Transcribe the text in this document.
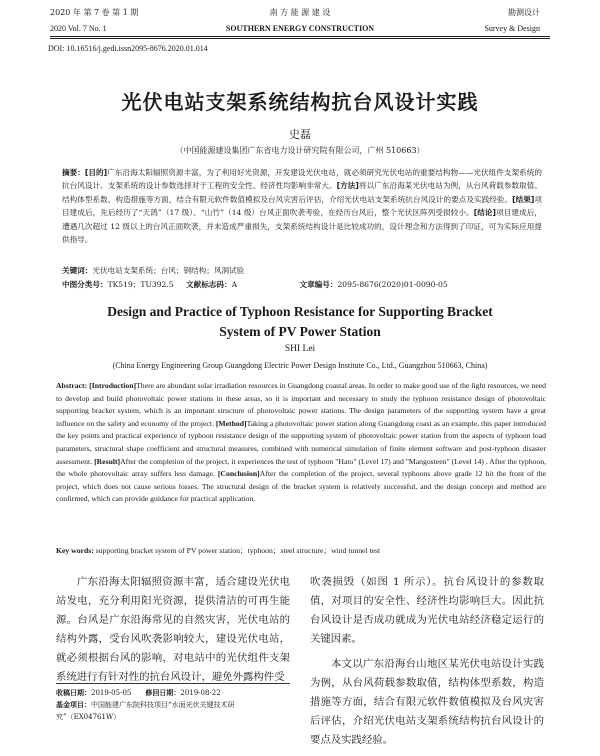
2020 年 第 7 卷 第 1 期	南 方 能 源 建 设	勘测设计
2020 Vol. 7 No. 1	SOUTHERN ENERGY CONSTRUCTION	Survey & Design
DOI: 10.16516/j.gedi.issn2095-8676.2020.01.014
光伏电站支架系统结构抗台风设计实践
史磊
（中国能源建设集团广东省电力设计研究院有限公司，广州 510663）
摘要：[目的]广东沿海太阳辐照资源丰富，为了利用好光资源，开发建设光伏电站，就必须研究光伏电站的重要结构物——光伏组件支架系统的抗台风设计。支架系统的设计参数选择对于工程的安全性、经济性均影响非常大。[方法]将以广东沿海某光伏电站为例，从台风荷载参数取值、结构体型系数、构造措施等方面，结合有限元软件数值模拟及台风灾害后评估，介绍光伏电站支架系统抗台风设计的要点及实践经验。[结果]项目建成后，先后经历了“天鸽”（17 级）、“山竹”（14 级）台风正面吹袭考验，在经历台风后，整个光伏区阵列受损较小。[结论]项目建成后，遭遇几次超过 12 级以上的台风正面吹袭，并未造成严重损失，支架系统结构设计是比较成功的，设计理念和方法得到了印证，可为实际应用提供指导。
关键词：光伏电站支架系统；台风；钢结构；风洞试验
中图分类号：TK519；TU392.5 文献标志码：A	文章编号：2095-8676(2020)01-0090-05
Design and Practice of Typhoon Resistance for Supporting Bracket
System of PV Power Station
SHI Lei
(China Energy Engineering Group Guangdong Electric Power Design Institute Co., Ltd., Guangzhou 510663, China)
Abstract: [Introduction]There are abundant solar irradiation resources in Guangdong coastal areas. In order to make good use of the light resources, we need to develop and build photovoltaic power stations in these areas, so it is important and necessary to study the typhoon resistance design of photovoltaic supporting bracket system, which is an important structure of photovoltaic power stations. The design parameters of the supporting system have a great influence on the safety and economy of the project. [Method]Taking a photovoltaic power station along Guangdong coast as an example, this paper introduced the key points and practical experience of typhoon resistance design of the supporting system of photovoltaic power station from the aspects of typhoon load parameters, structural shape coefficient and structural measures, combined with numerical simulation of finite element software and post-typhoon disaster assessment. [Result]After the completion of the project, it experiences the test of typhoon "Hato" (Level 17) and "Mangosteen" (Level 14) . After the typhoon, the whole photovoltaic array suffers less damage. [Conclusion]After the completion of the project, several typhoons above grade 12 hit the front of the project, which does not cause serious losses. The structural design of the bracket system is relatively successful, and the design concept and method are confirmed, which can provide guidance for practical application.
Key words: supporting bracket system of PV power station；typhoon；steel structure；wind tunnel test
广东沿海太阳辐照资源丰富，适合建设光伏电站发电，充分利用阳光资源，提供清洁的可再生能源。台风是广东沿海常见的自然灾害，光伏电站的结构外露，受台风吹袭影响较大，建设光伏电站，就必须根据台风的影响，对电站中的光伏组件支架系统进行有针对性的抗台风设计，避免外露构件受

吹袭损毁（如图 1 所示）。抗台风设计的参数取值，对项目的安全性、经济性均影响巨大。因此抗台风设计是否成功就成为光伏电站经济稳定运行的关键因素。

本文以广东沿海台山地区某光伏电站设计实践为例，从台风荷载参数取值，结构体型系数，构造措施等方面，结合有限元软件数值模拟及台风灾害后评估，介绍光伏电站支架系统结构抗台风设计的要点及实践经验。

收稿日期：2019-05-05 修回日期：2019-08-22
基金项目：中国能建广东院科技项目“水面光伏关键技术研究”（EX04761W）
